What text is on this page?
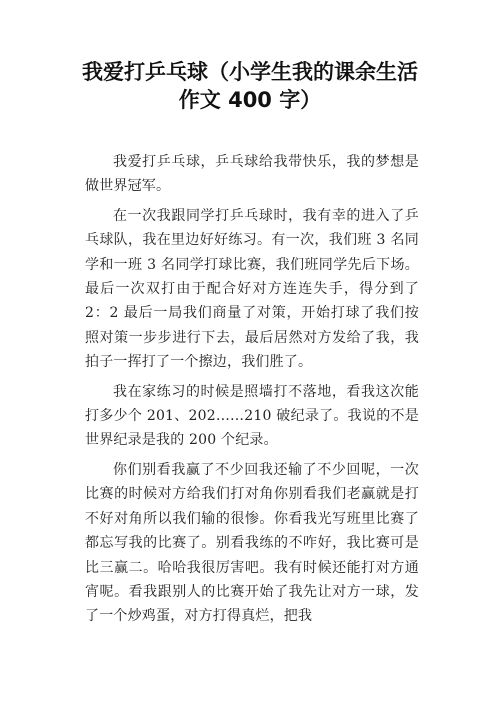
我爱打乒乓球（小学生我的课余生活
作文 400 字）

我爱打乒乓球，乒乓球给我带快乐，我的梦想是做世界冠军。

在一次我跟同学打乒乓球时，我有幸的进入了乒乓球队，我在里边好好练习。有一次，我们班 3 名同学和一班 3 名同学打球比赛，我们班同学先后下场。最后一次双打由于配合好对方连连失手，得分到了 2：2 最后一局我们商量了对策，开始打球了我们按照对策一步步进行下去，最后居然对方发给了我，我拍子一挥打了一个擦边，我们胜了。

我在家练习的时候是照墙打不落地，看我这次能打多少个 201、202……210 破纪录了。我说的不是世界纪录是我的 200 个纪录。

你们别看我赢了不少回我还输了不少回呢，一次比赛的时候对方给我们打对角你别看我们老赢就是打不好对角所以我们输的很惨。你看我光写班里比赛了都忘写我的比赛了。别看我练的不咋好，我比赛可是比三赢二。哈哈我很厉害吧。我有时候还能打对方通宵呢。看我跟别人的比赛开始了我先让对方一球，发了一个炒鸡蛋，对方打得真烂，把我
